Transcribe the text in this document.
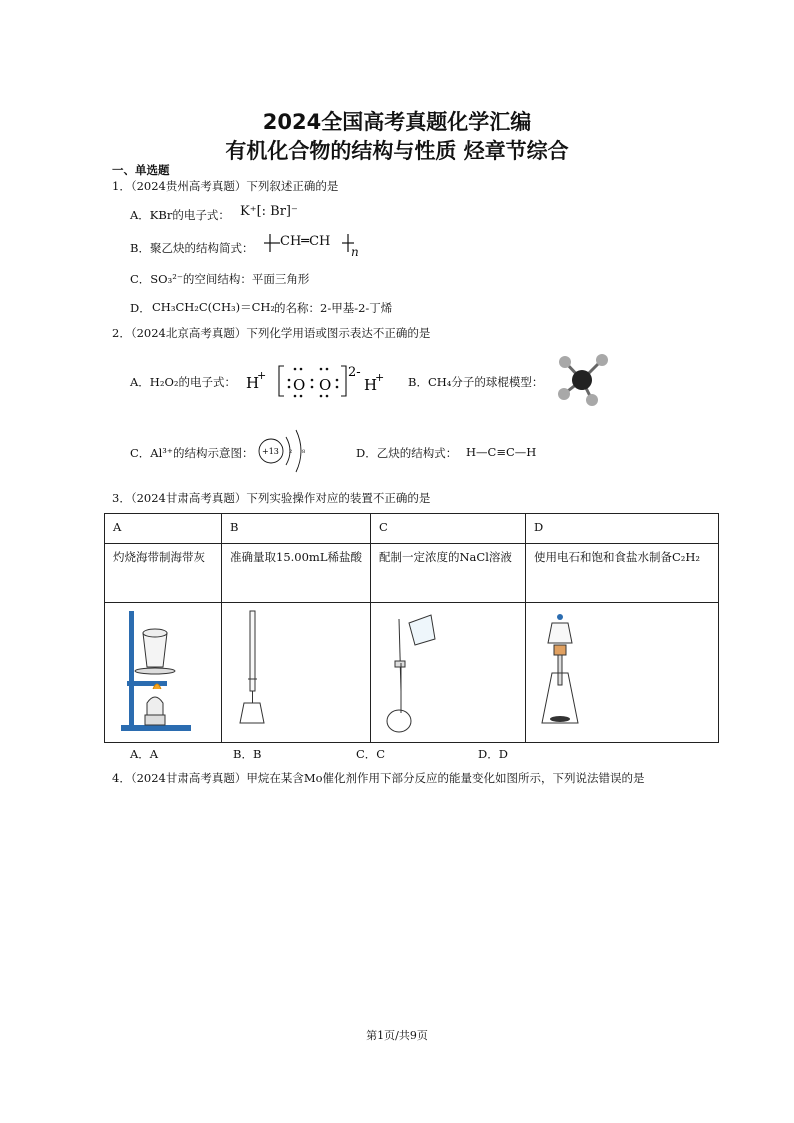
2024全国高考真题化学汇编
有机化合物的结构与性质 烃章节综合
一、单选题
1．（2024贵州高考真题）下列叙述正确的是
A．KBr的电子式： K⁺[: Br]⁻
B．聚乙炔的结构简式： CH═CH
n
C．SO₃²⁻的空间结构：平面三角形
D． CH₃CH₂C(CH₃)＝CH₂
的名称：2-甲基-2-丁烯
2．（2024北京高考真题）下列化学用语或图示表达不正确的是
A．H₂O₂的电子式： H
+
O O
2-
H
+ B．CH₄分子的球棍模型：
C．Al³⁺的结构示意图： +13 2 8	D．乙炔的结构式： H—C≡C—H
3．（2024甘肃高考真题）下列实验操作对应的装置不正确的是
A	B	C	D
灼烧海带制海带灰	准确量取15.00mL稀盐酸	配制一定浓度的NaCl溶液	使用电石和饱和食盐水制备C₂H₂

A．A	B．B	C．C	D．D
4．（2024甘肃高考真题）甲烷在某含Mo催化剂作用下部分反应的能量变化如图所示，下列说法错误的是
第1页/共9页
